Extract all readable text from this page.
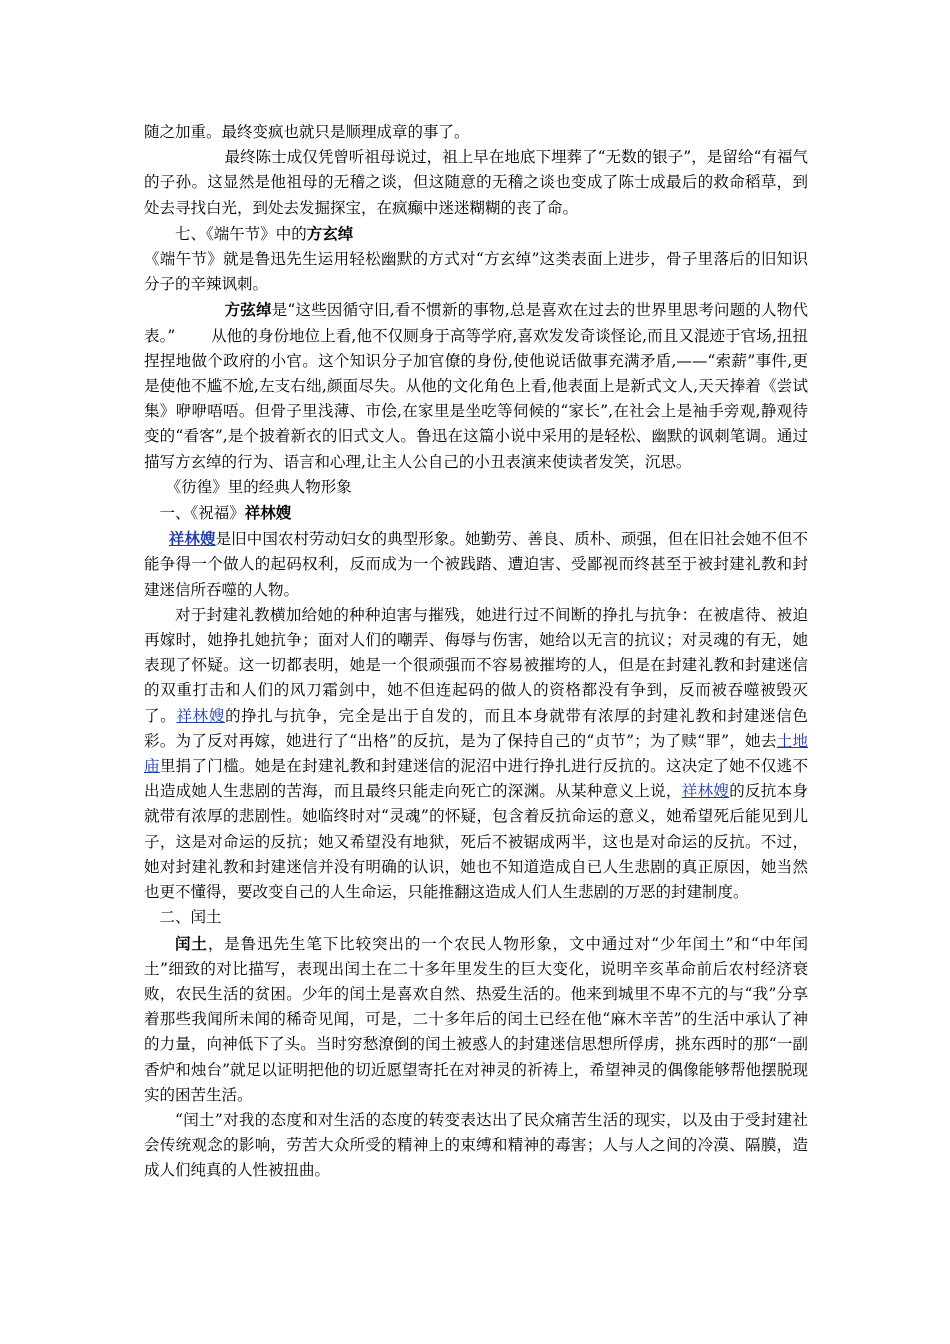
随之加重。最终变疯也就只是顺理成章的事了。

最终陈士成仅凭曾听祖母说过，祖上早在地底下埋葬了“无数的银子”，是留给“有福气的子孙。这显然是他祖母的无稽之谈，但这随意的无稽之谈也变成了陈士成最后的救命稻草，到处去寻找白光，到处去发掘探宝，在疯癫中迷迷糊糊的丧了命。

七、《端午节》中的方玄绰

《端午节》就是鲁迅先生运用轻松幽默的方式对“方玄绰”这类表面上进步，骨子里落后的旧知识分子的辛辣讽刺。

方弦绰是“这些因循守旧,看不惯新的事物,总是喜欢在过去的世界里思考问题的人物代表。” 从他的身份地位上看,他不仅厕身于高等学府,喜欢发发奇谈怪论,而且又混迹于官场,扭扭捏捏地做个政府的小官。这个知识分子加官僚的身份,使他说话做事充满矛盾,——“索薪”事件,更是使他不尴不尬,左支右绌,颜面尽失。从他的文化角色上看,他表面上是新式文人,天天捧着《尝试集》咿咿唔唔。但骨子里浅薄、市侩,在家里是坐吃等伺候的“家长”,在社会上是袖手旁观,静观待变的“看客”,是个披着新衣的旧式文人。鲁迅在这篇小说中采用的是轻松、幽默的讽刺笔调。通过描写方玄绰的行为、语言和心理,让主人公自己的小丑表演来使读者发笑，沉思。

《彷徨》里的经典人物形象

一、《祝福》祥林嫂

祥林嫂是旧中国农村劳动妇女的典型形象。她勤劳、善良、质朴、顽强，但在旧社会她不但不能争得一个做人的起码权利，反而成为一个被践踏、遭迫害、受鄙视而终甚至于被封建礼教和封建迷信所吞噬的人物。

对于封建礼教横加给她的种种迫害与摧残，她进行过不间断的挣扎与抗争：在被虐待、被迫再嫁时，她挣扎她抗争；面对人们的嘲弄、侮辱与伤害，她给以无言的抗议；对灵魂的有无，她表现了怀疑。这一切都表明，她是一个很顽强而不容易被摧垮的人，但是在封建礼教和封建迷信的双重打击和人们的风刀霜剑中，她不但连起码的做人的资格都没有争到，反而被吞噬被毁灭了。祥林嫂的挣扎与抗争，完全是出于自发的，而且本身就带有浓厚的封建礼教和封建迷信色彩。为了反对再嫁，她进行了“出格”的反抗，是为了保持自己的“贞节”；为了赎“罪”，她去土地庙里捐了门槛。她是在封建礼教和封建迷信的泥沼中进行挣扎进行反抗的。这决定了她不仅逃不出造成她人生悲剧的苦海，而且最终只能走向死亡的深渊。从某种意义上说，祥林嫂的反抗本身就带有浓厚的悲剧性。她临终时对“灵魂”的怀疑，包含着反抗命运的意义，她希望死后能见到儿子，这是对命运的反抗；她又希望没有地狱，死后不被锯成两半，这也是对命运的反抗。不过，她对封建礼教和封建迷信并没有明确的认识，她也不知道造成自已人生悲剧的真正原因，她当然也更不懂得，要改变自己的人生命运，只能推翻这造成人们人生悲剧的万恶的封建制度。

二、闰土

闰土，是鲁迅先生笔下比较突出的一个农民人物形象，文中通过对“少年闰土”和“中年闰土”细致的对比描写，表现出闰土在二十多年里发生的巨大变化，说明辛亥革命前后农村经济衰败，农民生活的贫困。少年的闰土是喜欢自然、热爱生活的。他来到城里不卑不亢的与“我”分享着那些我闻所未闻的稀奇见闻，可是，二十多年后的闰土已经在他“麻木辛苦”的生活中承认了神的力量，向神低下了头。当时穷愁潦倒的闰土被惑人的封建迷信思想所俘虏，挑东西时的那“一副香炉和烛台”就足以证明把他的切近愿望寄托在对神灵的祈祷上，希望神灵的偶像能够帮他摆脱现实的困苦生活。

“闰土”对我的态度和对生活的态度的转变表达出了民众痛苦生活的现实，以及由于受封建社会传统观念的影响，劳苦大众所受的精神上的束缚和精神的毒害；人与人之间的冷漠、隔膜，造成人们纯真的人性被扭曲。
